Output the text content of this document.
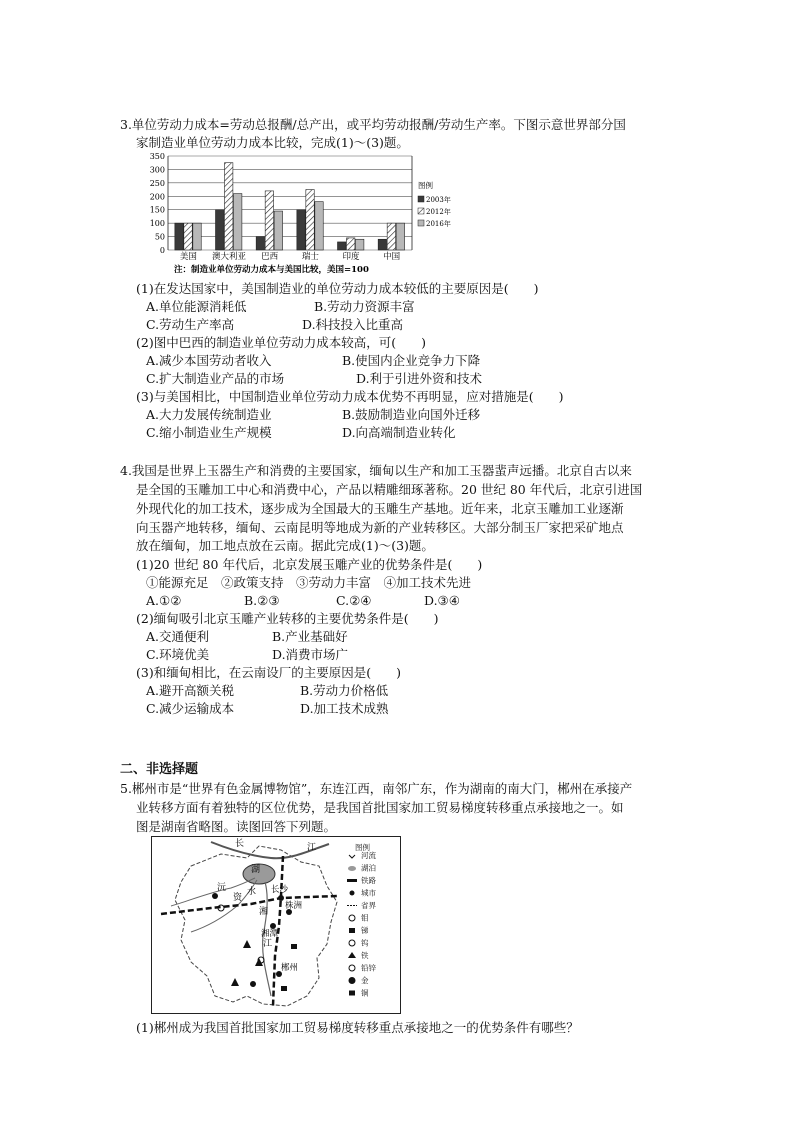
3.单位劳动力成本=劳动总报酬/总产出，或平均劳动报酬/劳动生产率。下图示意世界部分国
家制造业单位劳动力成本比较，完成(1)～(3)题。
0
50
100
150
200
250
300
350
美国 澳大利亚 巴西	瑞士	印度	中国
图例
2003年
2012年
2016年
注：制造业单位劳动力成本与美国比较，美国=100
(1)在发达国家中，美国制造业的单位劳动力成本较低的主要原因是(　　)
A.单位能源消耗低	B.劳动力资源丰富
C.劳动生产率高	D.科技投入比重高
(2)图中巴西的制造业单位劳动力成本较高，可(　　)
A.减少本国劳动者收入	B.使国内企业竞争力下降
C.扩大制造业产品的市场	D.利于引进外资和技术
(3)与美国相比，中国制造业单位劳动力成本优势不再明显，应对措施是(　　)
A.大力发展传统制造业	B.鼓励制造业向国外迁移
C.缩小制造业生产规模	D.向高端制造业转化
4.我国是世界上玉器生产和消费的主要国家，缅甸以生产和加工玉器蜚声远播。北京自古以来
是全国的玉雕加工中心和消费中心，产品以精雕细琢著称。20 世纪 80 年代后，北京引进国
外现代化的加工技术，逐步成为全国最大的玉雕生产基地。近年来，北京玉雕加工业逐渐
向玉器产地转移，缅甸、云南昆明等地成为新的产业转移区。大部分制玉厂家把采矿地点
放在缅甸，加工地点放在云南。据此完成(1)～(3)题。
(1)20 世纪 80 年代后，北京发展玉雕产业的优势条件是(　　)
①能源充足　②政策支持　③劳动力丰富　④加工技术先进
A.①②	B.②③	C.②④	D.③④
(2)缅甸吸引北京玉雕产业转移的主要优势条件是(　　)
A.交通便利	B.产业基础好
C.环境优美	D.消费市场广
(3)和缅甸相比，在云南设厂的主要原因是(　　)
A.避开高额关税	B.劳动力价格低
C.减少运输成本	D.加工技术成熟
二、非选择题
5.郴州市是“世界有色金属博物馆”，东连江西，南邻广东，作为湖南的南大门，郴州在承接产
业转移方面有着独特的区位优势，是我国首批国家加工贸易梯度转移重点承接地之一。如
图是湖南省略图。读图回答下列题。
长	江
湖
沅
资
水
湘
长沙
株洲
湘潭
江
郴州
图例
河流
湖泊
铁路
城市
省界
钼
锑
钨
铁
铅锌
金
铜
(1)郴州成为我国首批国家加工贸易梯度转移重点承接地之一的优势条件有哪些？
